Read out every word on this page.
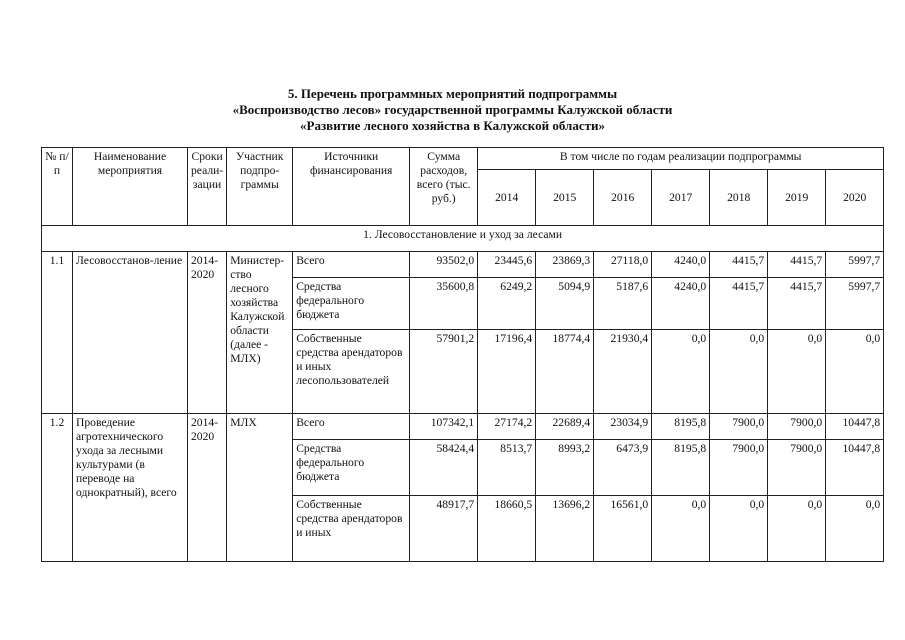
5. Перечень программных мероприятий подпрограммы
«Воспроизводство лесов» государственной программы Калужской области
«Развитие лесного хозяйства в Калужской области»
№ п/п	Наименование мероприятия	Сроки реали-зации	Участник подпро-граммы	Источники финансирования	Сумма расходов, всего (тыс. руб.)	В том числе по годам реализации подпрограммы						
						2014	2015	2016	2017	2018	2019	2020
1. Лесовосстановление и уход за лесами												
1.1	Лесовосстанов-ление	2014-2020	Министер-ство лесного хозяйства Калужской области (далее - МЛХ)	Всего	93502,0	23445,6	23869,3	27118,0	4240,0	4415,7	4415,7	5997,7
				Средства федерального бюджета	35600,8	6249,2	5094,9	5187,6	4240,0	4415,7	4415,7	5997,7
				Собственные средства арендаторов и иных лесопользователей	57901,2	17196,4	18774,4	21930,4	0,0	0,0	0,0	0,0
1.2	Проведение агротехнического ухода за лесными культурами (в переводе на однократный), всего	2014-2020	МЛХ	Всего	107342,1	27174,2	22689,4	23034,9	8195,8	7900,0	7900,0	10447,8
				Средства федерального бюджета	58424,4	8513,7	8993,2	6473,9	8195,8	7900,0	7900,0	10447,8
				Собственные средства арендаторов и иных	48917,7	18660,5	13696,2	16561,0	0,0	0,0	0,0	0,0
